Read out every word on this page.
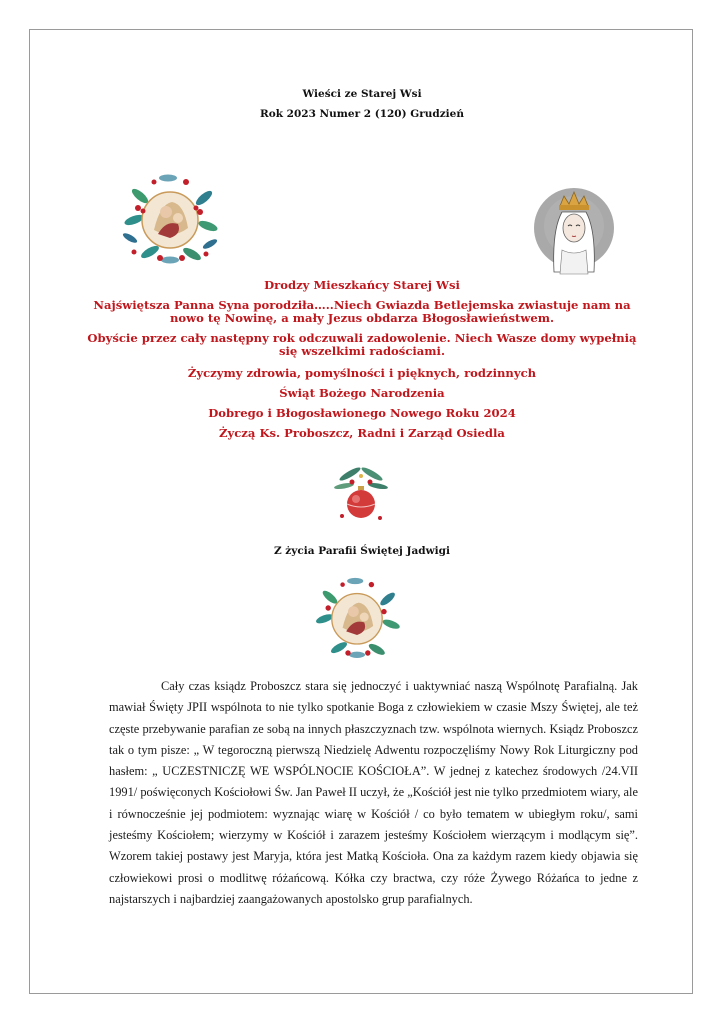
Wieści ze Starej Wsi
Rok 2023 Numer 2 (120) Grudzień
Drodzy Mieszkańcy Starej Wsi
Najświętsza Panna Syna porodziła…..Niech Gwiazda Betlejemska zwiastuje nam na nowo tę Nowinę, a mały Jezus obdarza Błogosławieństwem.
Obyście przez cały następny rok odczuwali zadowolenie. Niech Wasze domy wypełnią się wszelkimi radościami.
Życzymy zdrowia, pomyślności i pięknych, rodzinnych
Świąt Bożego Narodzenia
Dobrego i Błogosławionego Nowego Roku 2024
Życzą Ks. Proboszcz, Radni i Zarząd Osiedla
Z życia Parafii Świętej Jadwigi

Cały czas ksiądz Proboszcz stara się jednoczyć i uaktywniać naszą Wspólnotę Parafialną. Jak mawiał Święty JPII wspólnota to nie tylko spotkanie Boga z człowiekiem w czasie Mszy Świętej, ale też częste przebywanie parafian ze sobą na innych płaszczyznach tzw. wspólnota wiernych. Ksiądz Proboszcz tak o tym pisze: „ W tegoroczną pierwszą Niedzielę Adwentu rozpoczęliśmy Nowy Rok Liturgiczny pod hasłem: „ UCZESTNICZĘ WE WSPÓLNOCIE KOŚCIOŁA”. W jednej z katechez środowych /24.VII 1991/ poświęconych Kościołowi Św. Jan Paweł II uczył, że „Kościół jest nie tylko przedmiotem wiary, ale i równocześnie jej podmiotem: wyznając wiarę w Kościół / co było tematem w ubiegłym roku/, sami jesteśmy Kościołem; wierzymy w Kościół i zarazem jesteśmy Kościołem wierzącym i modlącym się”. Wzorem takiej postawy jest Maryja, która jest Matką Kościoła. Ona za każdym razem kiedy objawia się człowiekowi prosi o modlitwę różańcową. Kółka czy bractwa, czy róże Żywego Różańca to jedne z najstarszych i najbardziej zaangażowanych apostolsko grup parafialnych.
